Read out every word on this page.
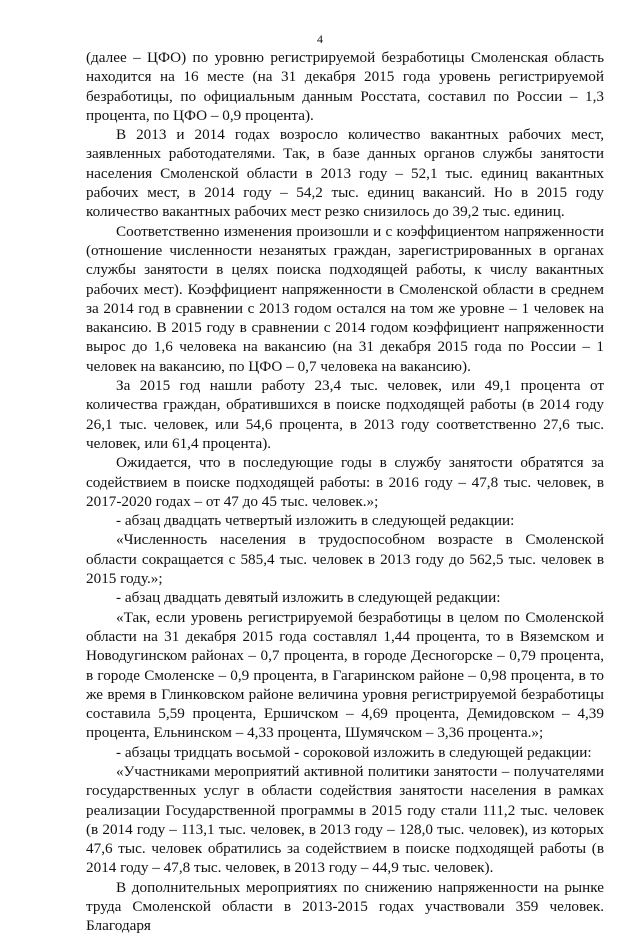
4

(далее – ЦФО) по уровню регистрируемой безработицы Смоленская область находится на 16 месте (на 31 декабря 2015 года уровень регистрируемой безработицы, по официальным данным Росстата, составил по России – 1,3 процента, по ЦФО – 0,9 процента).

В 2013 и 2014 годах возросло количество вакантных рабочих мест, заявленных работодателями. Так, в базе данных органов службы занятости населения Смоленской области в 2013 году – 52,1 тыс. единиц вакантных рабочих мест, в 2014 году – 54,2 тыс. единиц вакансий. Но в 2015 году количество вакантных рабочих мест резко снизилось до 39,2 тыс. единиц.

Соответственно изменения произошли и с коэффициентом напряженности (отношение численности незанятых граждан, зарегистрированных в органах службы занятости в целях поиска подходящей работы, к числу вакантных рабочих мест). Коэффициент напряженности в Смоленской области в среднем за 2014 год в сравнении с 2013 годом остался на том же уровне – 1 человек на вакансию. В 2015 году в сравнении с 2014 годом коэффициент напряженности вырос до 1,6 человека на вакансию (на 31 декабря 2015 года по России – 1 человек на вакансию, по ЦФО – 0,7 человека на вакансию).

За 2015 год нашли работу 23,4 тыс. человек, или 49,1 процента от количества граждан, обратившихся в поиске подходящей работы (в 2014 году 26,1 тыс. человек, или 54,6 процента, в 2013 году соответственно 27,6 тыс. человек, или 61,4 процента).

Ожидается, что в последующие годы в службу занятости обратятся за содействием в поиске подходящей работы: в 2016 году – 47,8 тыс. человек, в 2017-2020 годах – от 47 до 45 тыс. человек.»;

- абзац двадцать четвертый изложить в следующей редакции:

«Численность населения в трудоспособном возрасте в Смоленской области сокращается с 585,4 тыс. человек в 2013 году до 562,5 тыс. человек в 2015 году.»;

- абзац двадцать девятый изложить в следующей редакции:

«Так, если уровень регистрируемой безработицы в целом по Смоленской области на 31 декабря 2015 года составлял 1,44 процента, то в Вяземском и Новодугинском районах – 0,7 процента, в городе Десногорске – 0,79 процента, в городе Смоленске – 0,9 процента, в Гагаринском районе – 0,98 процента, в то же время в Глинковском районе величина уровня регистрируемой безработицы составила 5,59 процента, Ершичском – 4,69 процента, Демидовском – 4,39 процента, Ельнинском – 4,33 процента, Шумячском – 3,36 процента.»;

- абзацы тридцать восьмой - сороковой изложить в следующей редакции:

«Участниками мероприятий активной политики занятости – получателями государственных услуг в области содействия занятости населения в рамках реализации Государственной программы в 2015 году стали 111,2 тыс. человек (в 2014 году – 113,1 тыс. человек, в 2013 году – 128,0 тыс. человек), из которых 47,6 тыс. человек обратились за содействием в поиске подходящей работы (в 2014 году – 47,8 тыс. человек, в 2013 году – 44,9 тыс. человек).

В дополнительных мероприятиях по снижению напряженности на рынке труда Смоленской области в 2013-2015 годах участвовали 359 человек. Благодаря
